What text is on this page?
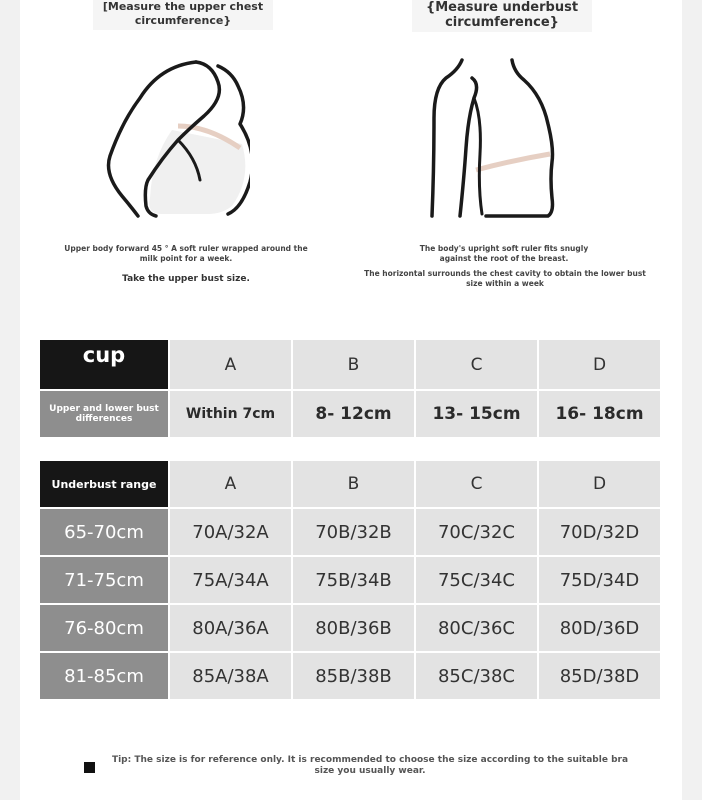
[Measure the upper chest circumference}
{Measure underbust circumference}
Upper body forward 45 ° A soft ruler wrapped around the milk point for a week.
Take the upper bust size.
The body's upright soft ruler fits snugly against the root of the breast.
The horizontal surrounds the chest cavity to obtain the lower bust size within a week
cup	A	B	C	D
Upper and lower bust differences	Within 7cm	8- 12cm	13- 15cm	16- 18cm
Underbust range	A	B	C	D
65-70cm	70A/32A	70B/32B	70C/32C	70D/32D
71-75cm	75A/34A	75B/34B	75C/34C	75D/34D
76-80cm	80A/36A	80B/36B	80C/36C	80D/36D
81-85cm	85A/38A	85B/38B	85C/38C	85D/38D
Tip: The size is for reference only. It is recommended to choose the size according to the suitable bra size you usually wear.
